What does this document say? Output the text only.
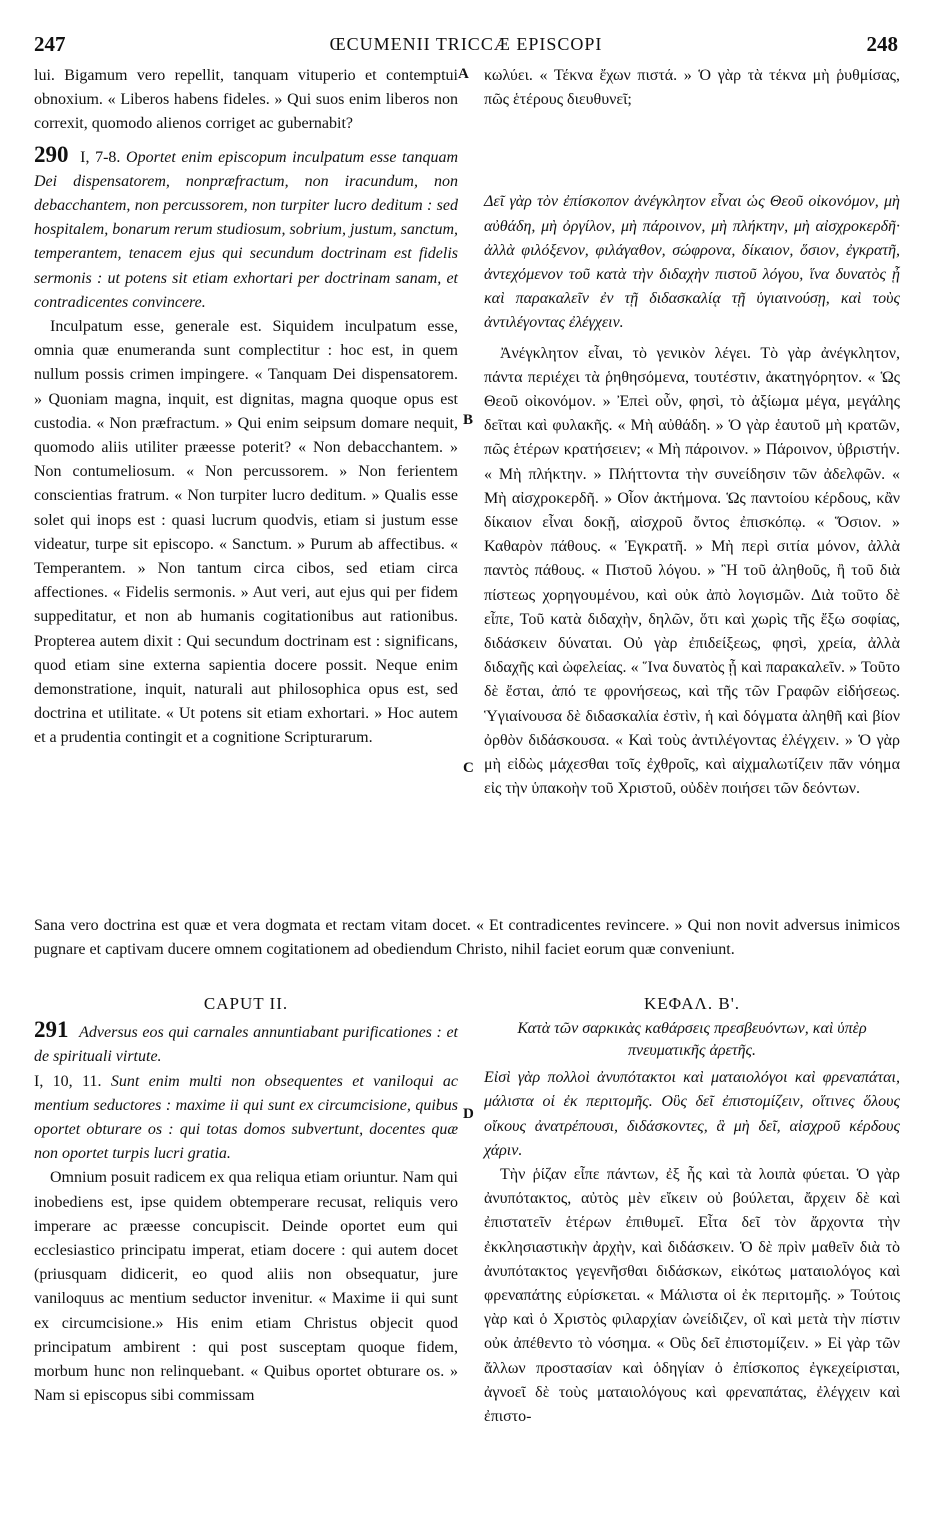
247	ŒCUMENII TRICCÆ EPISCOPI	248
A
B
C
D

lui. Bigamum vero repellit, tanquam vituperio et contemptui obnoxium. « Liberos habens fideles. » Qui suos enim liberos non correxit, quomodo alienos corriget ac gubernabit?

290 I, 7-8. Oportet enim episcopum inculpatum esse tanquam Dei dispensatorem, nonpræfractum, non iracundum, non debacchantem, non percussorem, non turpiter lucro deditum : sed hospitalem, bonarum rerum studiosum, sobrium, justum, sanctum, temperantem, tenacem ejus qui secundum doctrinam est fidelis sermonis : ut potens sit etiam exhortari per doctrinam sanam, et contradicentes convincere.

Inculpatum esse, generale est. Siquidem inculpatum esse, omnia quæ enumeranda sunt complectitur : hoc est, in quem nullum possis crimen impingere. « Tanquam Dei dispensatorem. » Quoniam magna, inquit, est dignitas, magna quoque opus est custodia. « Non præfractum. » Qui enim seipsum domare nequit, quomodo aliis utiliter præesse poterit? « Non debacchantem. » Non contumeliosum. « Non percussorem. » Non ferientem conscientias fratrum. « Non turpiter lucro deditum. » Qualis esse solet qui inops est : quasi lucrum quodvis, etiam si justum esse videatur, turpe sit episcopo. « Sanctum. » Purum ab affectibus. « Temperantem. » Non tantum circa cibos, sed etiam circa affectiones. « Fidelis sermonis. » Aut veri, aut ejus qui per fidem suppeditatur, et non ab humanis cogitationibus aut rationibus. Propterea autem dixit : Qui secundum doctrinam est : significans, quod etiam sine externa sapientia docere possit. Neque enim demonstratione, inquit, naturali aut philosophica opus est, sed doctrina et utilitate. « Ut potens sit etiam exhortari. » Hoc autem et a prudentia contingit et a cognitione Scripturarum.

κωλύει. « Τέκνα ἔχων πιστά. » Ὁ γὰρ τὰ τέκνα μὴ ῥυθμίσας, πῶς ἑτέρους διευθυνεῖ;

Δεῖ γὰρ τὸν ἐπίσκοπον ἀνέγκλητον εἶναι ὡς Θεοῦ οἰκονόμον, μὴ αὐθάδη, μὴ ὀργίλον, μὴ πάροινον, μὴ πλήκτην, μὴ αἰσχροκερδῆ· ἀλλὰ φιλόξενον, φιλάγαθον, σώφρονα, δίκαιον, ὅσιον, ἐγκρατῆ, ἀντεχόμενον τοῦ κατὰ τὴν διδαχὴν πιστοῦ λόγου, ἵνα δυνατὸς ᾖ καὶ παρακαλεῖν ἐν τῇ διδασκαλίᾳ τῇ ὑγιαινούσῃ, καὶ τοὺς ἀντιλέγοντας ἐλέγχειν.

Ἀνέγκλητον εἶναι, τὸ γενικὸν λέγει. Τὸ γὰρ ἀνέγκλητον, πάντα περιέχει τὰ ῥηθησόμενα, τουτέστιν, ἀκατηγόρητον. « Ὡς Θεοῦ οἰκονόμον. » Ἐπεὶ οὖν, φησὶ, τὸ ἀξίωμα μέγα, μεγάλης δεῖται καὶ φυλακῆς. « Μὴ αὐθάδη. » Ὁ γὰρ ἑαυτοῦ μὴ κρατῶν, πῶς ἑτέρων κρατήσειεν; « Μὴ πάροινον. » Πάροινον, ὑβριστήν. « Μὴ πλήκτην. » Πλήττοντα τὴν συνείδησιν τῶν ἀδελφῶν. « Μὴ αἰσχροκερδῆ. » Οἷον ἀκτήμονα. Ὡς παντοίου κέρδους, κἂν δίκαιον εἶναι δοκῇ, αἰσχροῦ ὄντος ἐπισκόπῳ. « Ὅσιον. » Καθαρὸν πάθους. « Ἐγκρατῆ. » Μὴ περὶ σιτία μόνον, ἀλλὰ παντὸς πάθους. « Πιστοῦ λόγου. » Ἢ τοῦ ἀληθοῦς, ἢ τοῦ διὰ πίστεως χορηγουμένου, καὶ οὐκ ἀπὸ λογισμῶν. Διὰ τοῦτο δὲ εἶπε, Τοῦ κατὰ διδαχὴν, δηλῶν, ὅτι καὶ χωρὶς τῆς ἔξω σοφίας, διδάσκειν δύναται. Οὐ γὰρ ἐπιδείξεως, φησὶ, χρεία, ἀλλὰ διδαχῆς καὶ ὠφελείας. « Ἵνα δυνατὸς ᾖ καὶ παρακαλεῖν. » Τοῦτο δὲ ἔσται, ἀπό τε φρονήσεως, καὶ τῆς τῶν Γραφῶν εἰδήσεως. Ὑγιαίνουσα δὲ διδασκαλία ἐστὶν, ἡ καὶ δόγματα ἀληθῆ καὶ βίον ὀρθὸν διδάσκουσα. « Καὶ τοὺς ἀντιλέγοντας ἐλέγχειν. » Ὁ γὰρ μὴ εἰδὼς μάχεσθαι τοῖς ἐχθροῖς, καὶ αἰχμαλωτίζειν πᾶν νόημα εἰς τὴν ὑπακοὴν τοῦ Χριστοῦ, οὐδὲν ποιήσει τῶν δεόντων.

Sana vero doctrina est quæ et vera dogmata et rectam vitam docet. « Et contradicentes revincere. » Qui non novit adversus inimicos pugnare et captivam ducere omnem cogitationem ad obediendum Christo, nihil faciet eorum quæ conveniunt.

CAPUT II.

291 Adversus eos qui carnales annuntiabant purificationes : et de spirituali virtute.

I, 10, 11. Sunt enim multi non obsequentes et vaniloqui ac mentium seductores : maxime ii qui sunt ex circumcisione, quibus oportet obturare os : qui totas domos subvertunt, docentes quæ non oportet turpis lucri gratia.

Omnium posuit radicem ex qua reliqua etiam oriuntur. Nam qui inobediens est, ipse quidem obtemperare recusat, reliquis vero imperare ac præesse concupiscit. Deinde oportet eum qui ecclesiastico principatu imperat, etiam docere : qui autem docet (priusquam didicerit, eo quod aliis non obsequatur, jure vaniloquus ac mentium seductor invenitur. « Maxime ii qui sunt ex circumcisione.» His enim etiam Christus objecit quod principatum ambirent : qui post susceptam quoque fidem, morbum hunc non relinquebant. « Quibus oportet obturare os. » Nam si episcopus sibi commissam

ΚΕΦΑΛ. Β'.

Κατὰ τῶν σαρκικὰς καθάρσεις πρεσβευόντων, καὶ ὑπὲρ πνευματικῆς ἀρετῆς.

Εἰσὶ γὰρ πολλοὶ ἀνυπότακτοι καὶ ματαιολόγοι καὶ φρεναπάται, μάλιστα οἱ ἐκ περιτομῆς. Οὓς δεῖ ἐπιστομίζειν, οἵτινες ὅλους οἴκους ἀνατρέπουσι, διδάσκοντες, ἃ μὴ δεῖ, αἰσχροῦ κέρδους χάριν.

Τὴν ῥίζαν εἶπε πάντων, ἐξ ἧς καὶ τὰ λοιπὰ φύεται. Ὁ γὰρ ἀνυπότακτος, αὐτὸς μὲν εἴκειν οὐ βούλεται, ἄρχειν δὲ καὶ ἐπιστατεῖν ἑτέρων ἐπιθυμεῖ. Εἶτα δεῖ τὸν ἄρχοντα τὴν ἐκκλησιαστικὴν ἀρχὴν, καὶ διδάσκειν. Ὁ δὲ πρὶν μαθεῖν διὰ τὸ ἀνυπότακτος γεγενῆσθαι διδάσκων, εἰκότως ματαιολόγος καὶ φρεναπάτης εὑρίσκεται. « Μάλιστα οἱ ἐκ περιτομῆς. » Τούτοις γὰρ καὶ ὁ Χριστὸς φιλαρχίαν ὠνείδιζεν, οἳ καὶ μετὰ τὴν πίστιν οὐκ ἀπέθεντο τὸ νόσημα. « Οὓς δεῖ ἐπιστομίζειν. » Εἰ γὰρ τῶν ἄλλων προστασίαν καὶ ὁδηγίαν ὁ ἐπίσκοπος ἐγκεχείρισται, ἀγνοεῖ δὲ τοὺς ματαιολόγους καὶ φρεναπάτας, ἐλέγχειν καὶ ἐπιστο-
